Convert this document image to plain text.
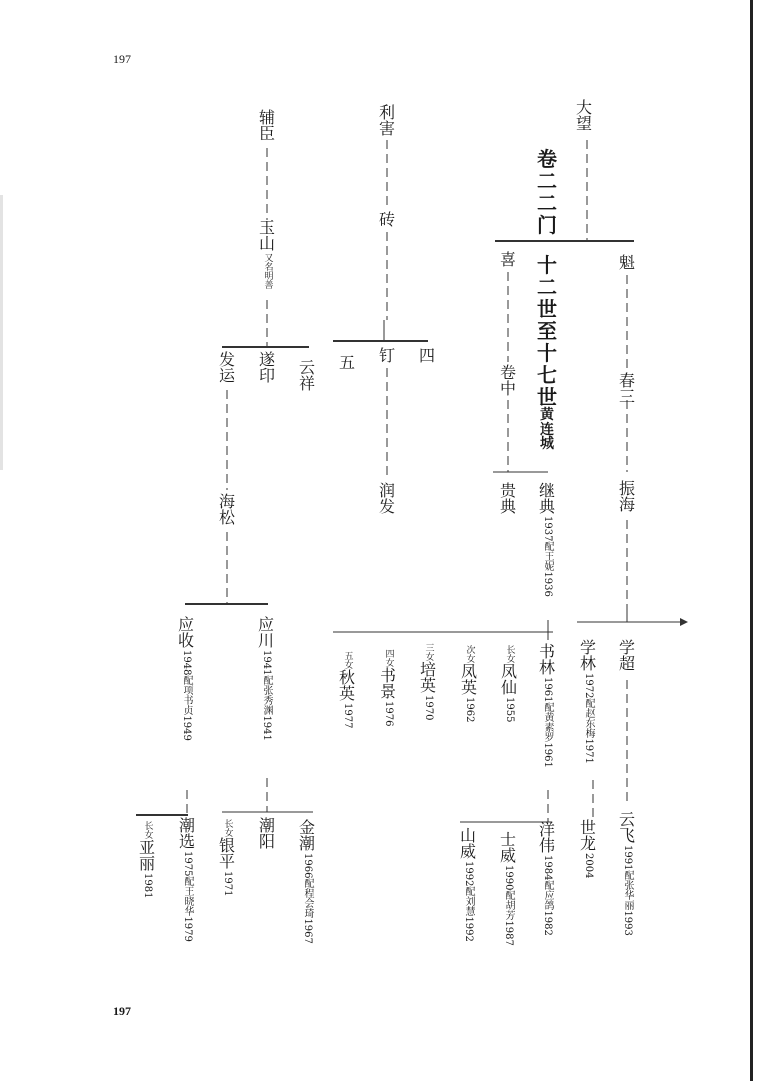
197
197
卷
二
二
门
十
二
世
至
十
七
世
黄
连
城
大望
魁
喜
利害
辅臣
春三
振海
卷中
贵典
继典
1937配王妮1936
砖
钉
五	四
润发
玉山
又名明善
发运
遂印 云祥
海松
学超
学林
1972配赵东梅1971
书林
1961配黄素罗1961
长女
凤仙
1955
次女
凤英
1962
三女
培英
1970
四女
书景
1976
五女
秋英
1977
应川
1941配张秀渊1941
应收
1948配项书贞1949
云飞
1991配张华丽1993
世龙
2004
洋伟
1984配应鸽1982
士威
1990配胡芳1987
山威
1992配刘慧1992
金潮
1966配程会琦1967
潮阳
长女
银平
1971
潮选
1975配王晓华1979
长女
亚丽
1981
